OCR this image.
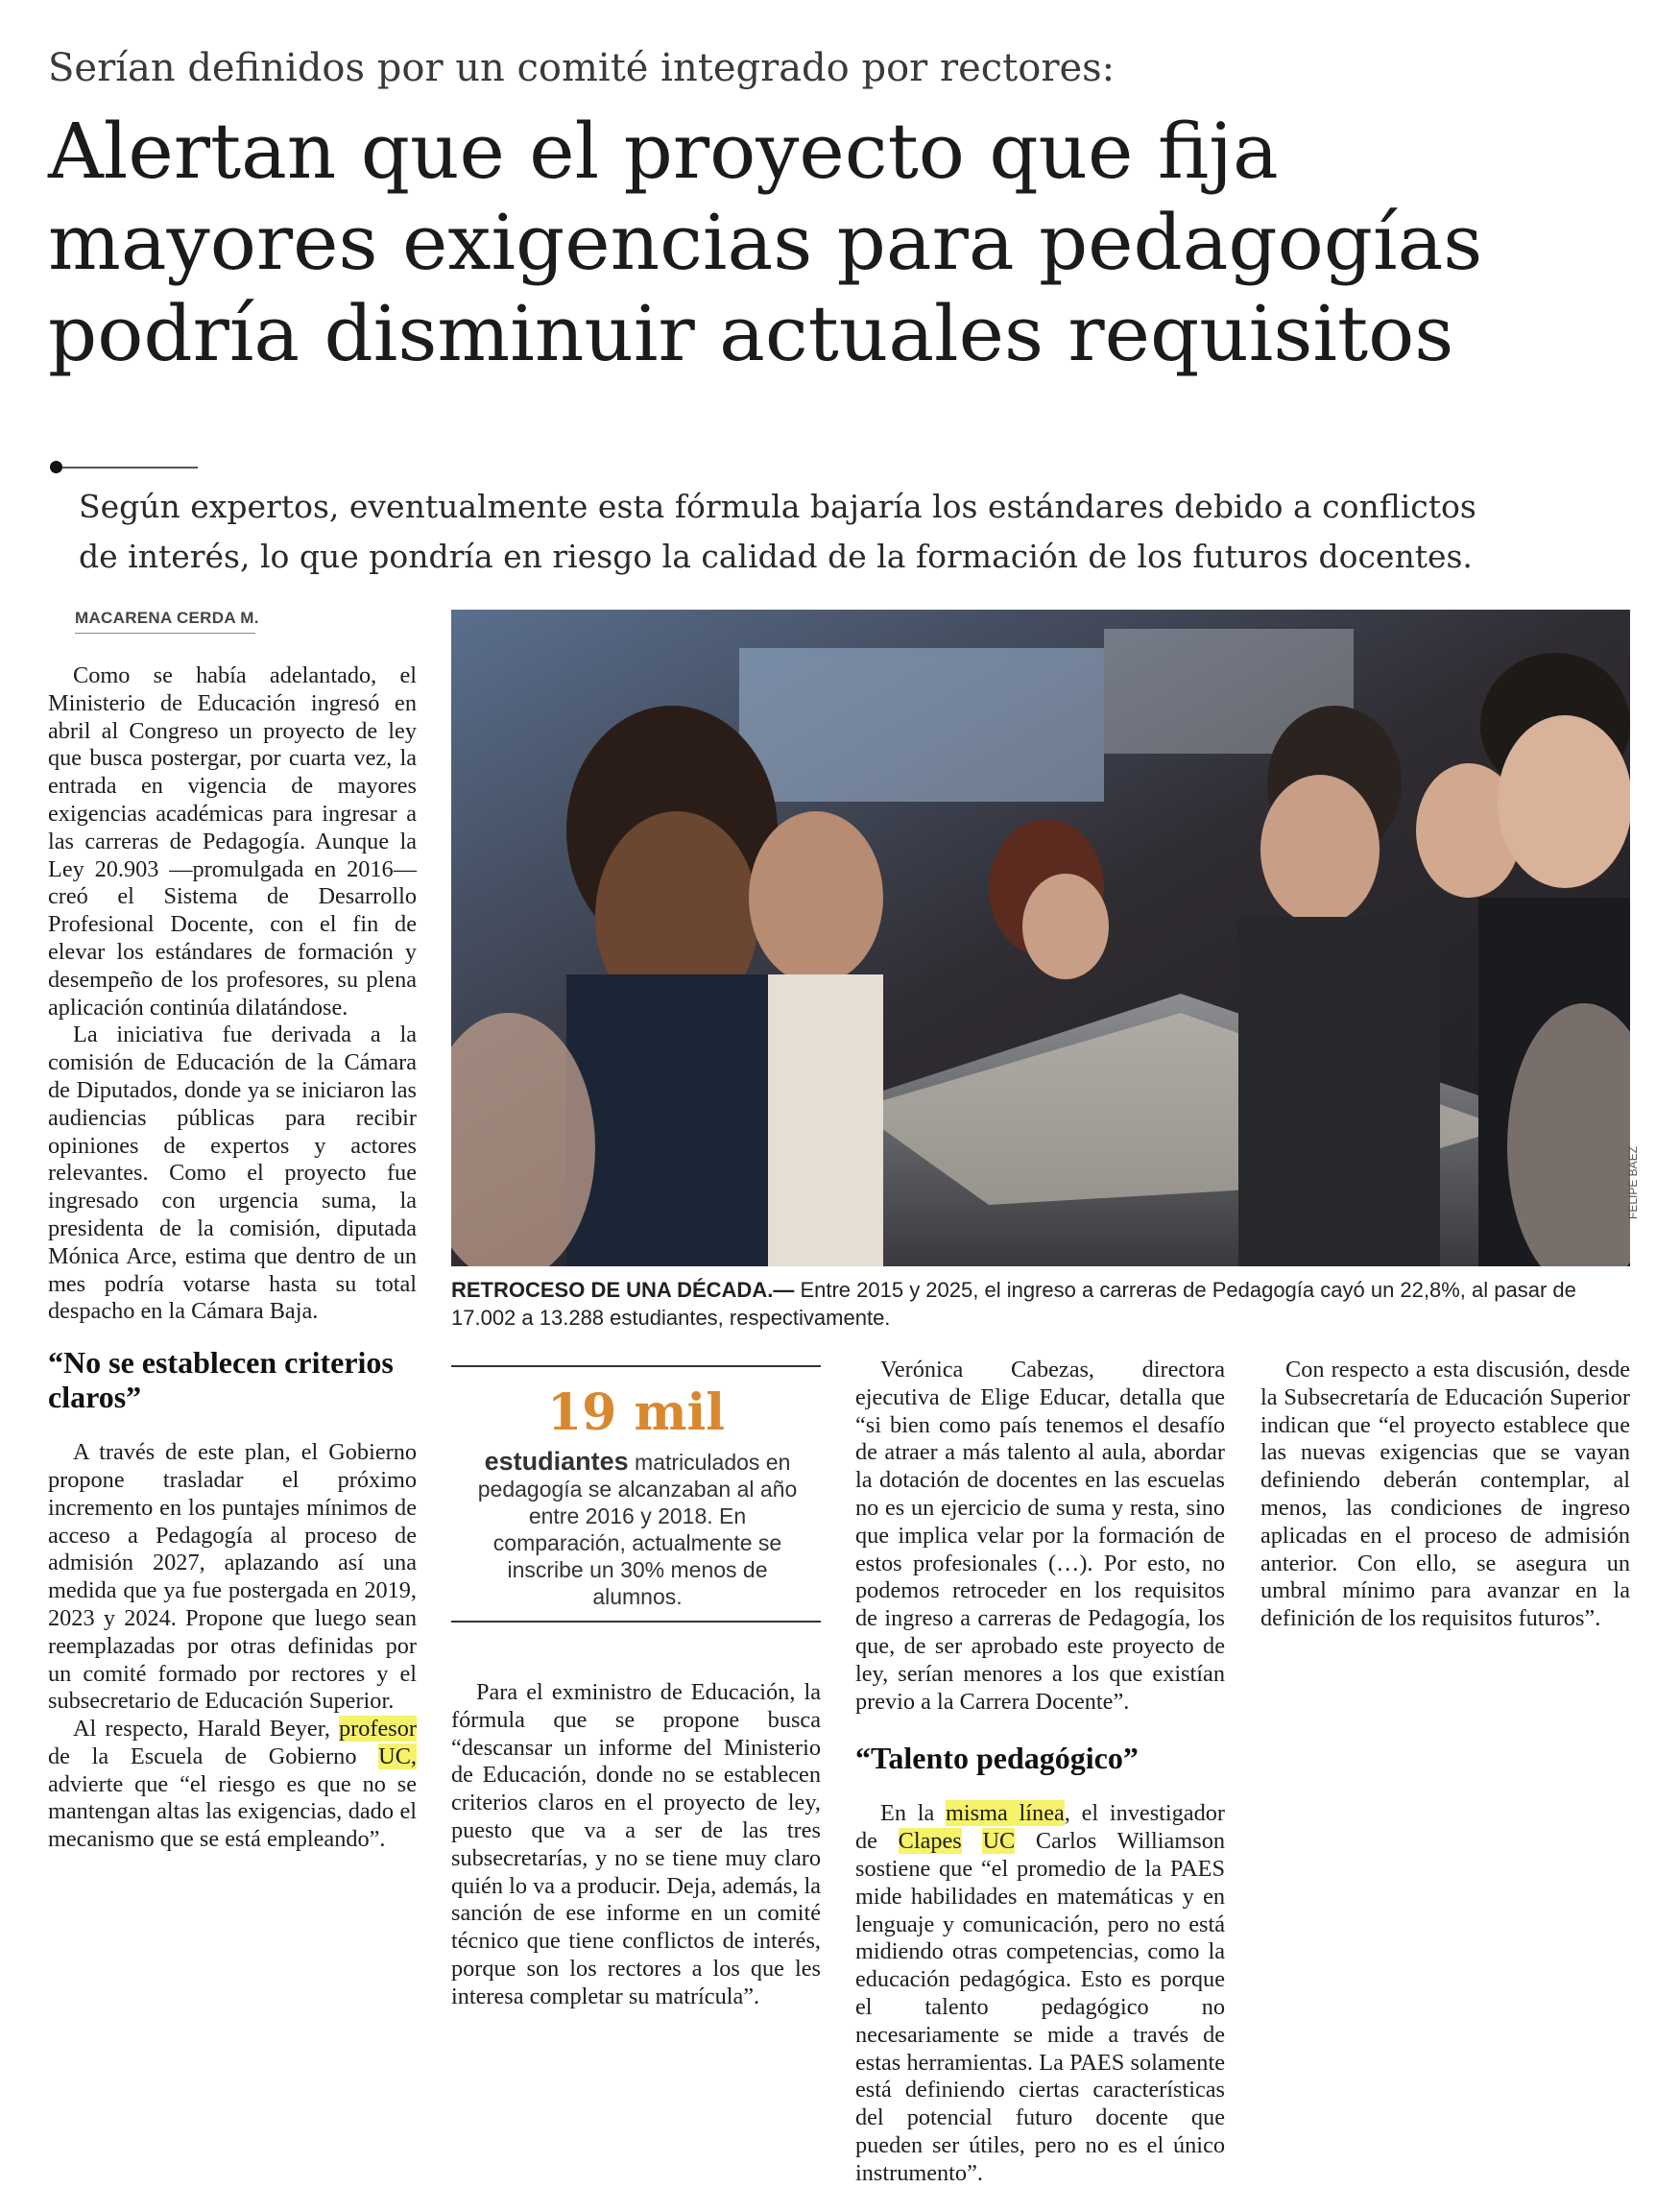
Serían definidos por un comité integrado por rectores:
Alertan que el proyecto que fija
mayores exigencias para pedagogías
podría disminuir actuales requisitos
Según expertos, eventualmente esta fórmula bajaría los estándares debido a conflictos
de interés, lo que pondría en riesgo la calidad de la formación de los futuros docentes.
MACARENA CERDA M.

Como se había adelantado, el Ministerio de Educación ingresó en abril al Congreso un proyecto de ley que busca postergar, por cuarta vez, la entrada en vigencia de mayores exigencias académicas para ingresar a las carreras de Pedagogía. Aunque la Ley 20.903 —promulgada en 2016— creó el Sistema de Desarrollo Profesional Docente, con el fin de elevar los estándares de formación y desempeño de los profesores, su plena aplicación continúa dilatándose.

La iniciativa fue derivada a la comisión de Educación de la Cámara de Diputados, donde ya se iniciaron las audiencias públicas para recibir opiniones de expertos y actores relevantes. Como el proyecto fue ingresado con urgencia suma, la presidenta de la comisión, diputada Mónica Arce, estima que dentro de un mes podría votarse hasta su total despacho en la Cámara Baja.

“No se establecen criterios claros”

A través de este plan, el Gobierno propone trasladar el próximo incremento en los puntajes mínimos de acceso a Pedagogía al proceso de admisión 2027, aplazando así una medida que ya fue postergada en 2019, 2023 y 2024. Propone que luego sean reemplazadas por otras definidas por un comité formado por rectores y el subsecretario de Educación Superior.

Al respecto, Harald Beyer, profesor de la Escuela de Gobierno UC, advierte que “el riesgo es que no se mantengan altas las exigencias, dado el mecanismo que se está empleando”.

FELIPE BAEZ
RETROCESO DE UNA DÉCADA.— Entre 2015 y 2025, el ingreso a carreras de Pedagogía cayó un 22,8%, al pasar de 17.002 a 13.288 estudiantes, respectivamente.
19 mil
estudiantes matriculados en pedagogía se alcanzaban al año entre 2016 y 2018. En comparación, actualmente se inscribe un 30% menos de alumnos.

Para el exministro de Educación, la fórmula que se propone busca “descansar un informe del Ministerio de Educación, donde no se establecen criterios claros en el proyecto de ley, puesto que va a ser de las tres subsecretarías, y no se tiene muy claro quién lo va a producir. Deja, además, la sanción de ese informe en un comité técnico que tiene conflictos de interés, porque son los rectores a los que les interesa completar su matrícula”.

Verónica Cabezas, directora ejecutiva de Elige Educar, detalla que “si bien como país tenemos el desafío de atraer a más talento al aula, abordar la dotación de docentes en las escuelas no es un ejercicio de suma y resta, sino que implica velar por la formación de estos profesionales (…). Por esto, no podemos retroceder en los requisitos de ingreso a carreras de Pedagogía, los que, de ser aprobado este proyecto de ley, serían menores a los que existían previo a la Carrera Docente”.

“Talento pedagógico”

En la misma línea, el investigador de Clapes UC Carlos Williamson sostiene que “el promedio de la PAES mide habilidades en matemáticas y en lenguaje y comunicación, pero no está midiendo otras competencias, como la educación pedagógica. Esto es porque el talento pedagógico no necesariamente se mide a través de estas herramientas. La PAES solamente está definiendo ciertas características del potencial futuro docente que pueden ser útiles, pero no es el único instrumento”.

Con respecto a esta discusión, desde la Subsecretaría de Educación Superior indican que “el proyecto establece que las nuevas exigencias que se vayan definiendo deberán contemplar, al menos, las condiciones de ingreso aplicadas en el proceso de admisión anterior. Con ello, se asegura un umbral mínimo para avanzar en la definición de los requisitos futuros”.
